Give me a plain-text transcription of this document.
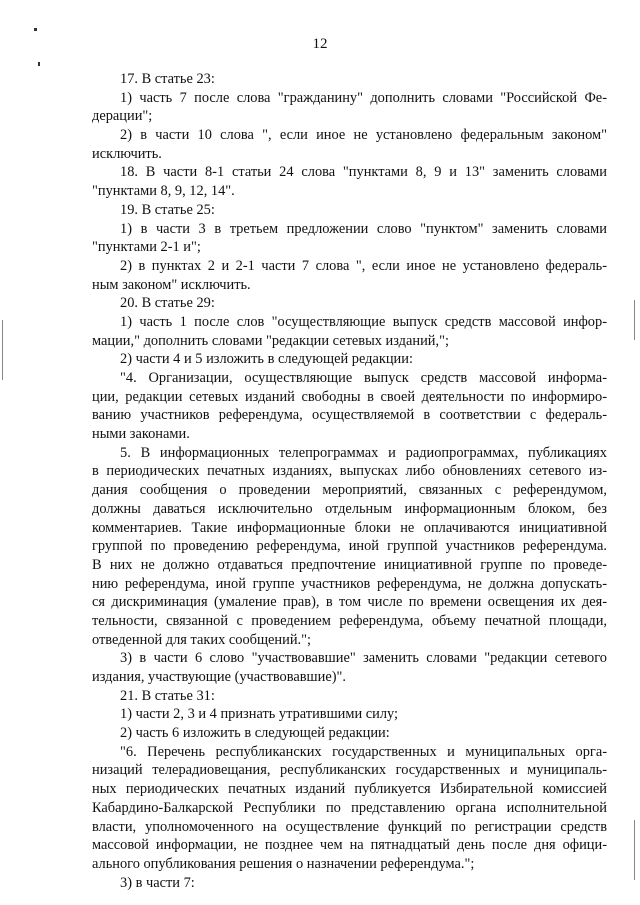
12
17. В статье 23:
1) часть 7 после слова "гражданину" дополнить словами "Российской Фе-
дерации";
2) в части 10 слова ", если иное не установлено федеральным законом"
исключить.
18. В части 8-1 статьи 24 слова "пунктами 8, 9 и 13" заменить словами
"пунктами 8, 9, 12, 14".
19. В статье 25:
1) в части 3 в третьем предложении слово "пунктом" заменить словами
"пунктами 2-1 и";
2) в пунктах 2 и 2-1 части 7 слова ", если иное не установлено федераль-
ным законом" исключить.
20. В статье 29:
1) часть 1 после слов "осуществляющие выпуск средств массовой инфор-
мации," дополнить словами "редакции сетевых изданий,";
2) части 4 и 5 изложить в следующей редакции:
"4. Организации, осуществляющие выпуск средств массовой информа-
ции, редакции сетевых изданий свободны в своей деятельности по информиро-
ванию участников референдума, осуществляемой в соответствии с федераль-
ными законами.
5. В информационных телепрограммах и радиопрограммах, публикациях
в периодических печатных изданиях, выпусках либо обновлениях сетевого из-
дания сообщения о проведении мероприятий, связанных с референдумом,
должны даваться исключительно отдельным информационным блоком, без
комментариев. Такие информационные блоки не оплачиваются инициативной
группой по проведению референдума, иной группой участников референдума.
В них не должно отдаваться предпочтение инициативной группе по проведе-
нию референдума, иной группе участников референдума, не должна допускать-
ся дискриминация (умаление прав), в том числе по времени освещения их дея-
тельности, связанной с проведением референдума, объему печатной площади,
отведенной для таких сообщений.";
3) в части 6 слово "участвовавшие" заменить словами "редакции сетевого
издания, участвующие (участвовавшие)".
21. В статье 31:
1) части 2, 3 и 4 признать утратившими силу;
2) часть 6 изложить в следующей редакции:
"6. Перечень республиканских государственных и муниципальных орга-
низаций телерадиовещания, республиканских государственных и муниципаль-
ных периодических печатных изданий публикуется Избирательной комиссией
Кабардино-Балкарской Республики по представлению органа исполнительной
власти, уполномоченного на осуществление функций по регистрации средств
массовой информации, не позднее чем на пятнадцатый день после дня офици-
ального опубликования решения о назначении референдума.";
3) в части 7:
